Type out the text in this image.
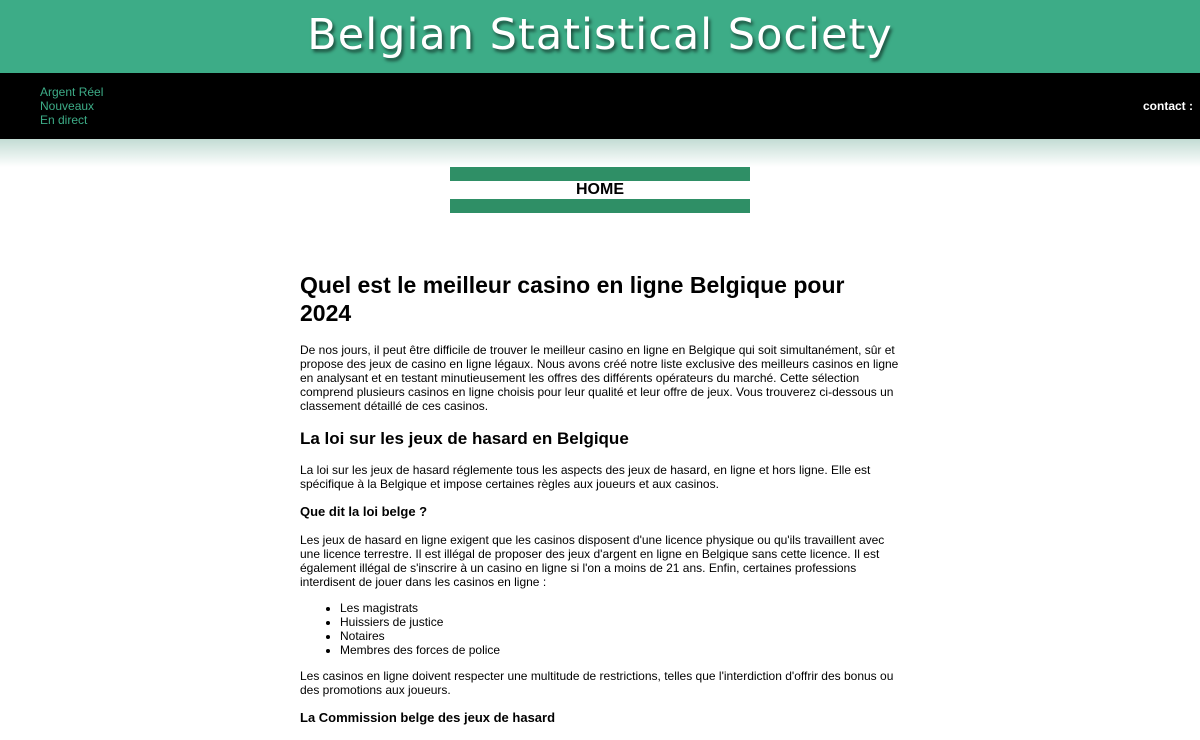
Belgian Statistical Society
Argent Réel
Nouveaux
En direct
contact :
HOME
Quel est le meilleur casino en ligne Belgique pour 2024

De nos jours, il peut être difficile de trouver le meilleur casino en ligne en Belgique qui soit simultanément, sûr et propose des jeux de casino en ligne légaux. Nous avons créé notre liste exclusive des meilleurs casinos en ligne en analysant et en testant minutieusement les offres des différents opérateurs du marché. Cette sélection comprend plusieurs casinos en ligne choisis pour leur qualité et leur offre de jeux. Vous trouverez ci-dessous un classement détaillé de ces casinos.

La loi sur les jeux de hasard en Belgique

La loi sur les jeux de hasard réglemente tous les aspects des jeux de hasard, en ligne et hors ligne. Elle est spécifique à la Belgique et impose certaines règles aux joueurs et aux casinos.

Que dit la loi belge ?

Les jeux de hasard en ligne exigent que les casinos disposent d'une licence physique ou qu'ils travaillent avec une licence terrestre. Il est illégal de proposer des jeux d'argent en ligne en Belgique sans cette licence. Il est également illégal de s'inscrire à un casino en ligne si l'on a moins de 21 ans. Enfin, certaines professions interdisent de jouer dans les casinos en ligne :

• Les magistrats
• Huissiers de justice
• Notaires
• Membres des forces de police

Les casinos en ligne doivent respecter une multitude de restrictions, telles que l'interdiction d'offrir des bonus ou des promotions aux joueurs.

La Commission belge des jeux de hasard
